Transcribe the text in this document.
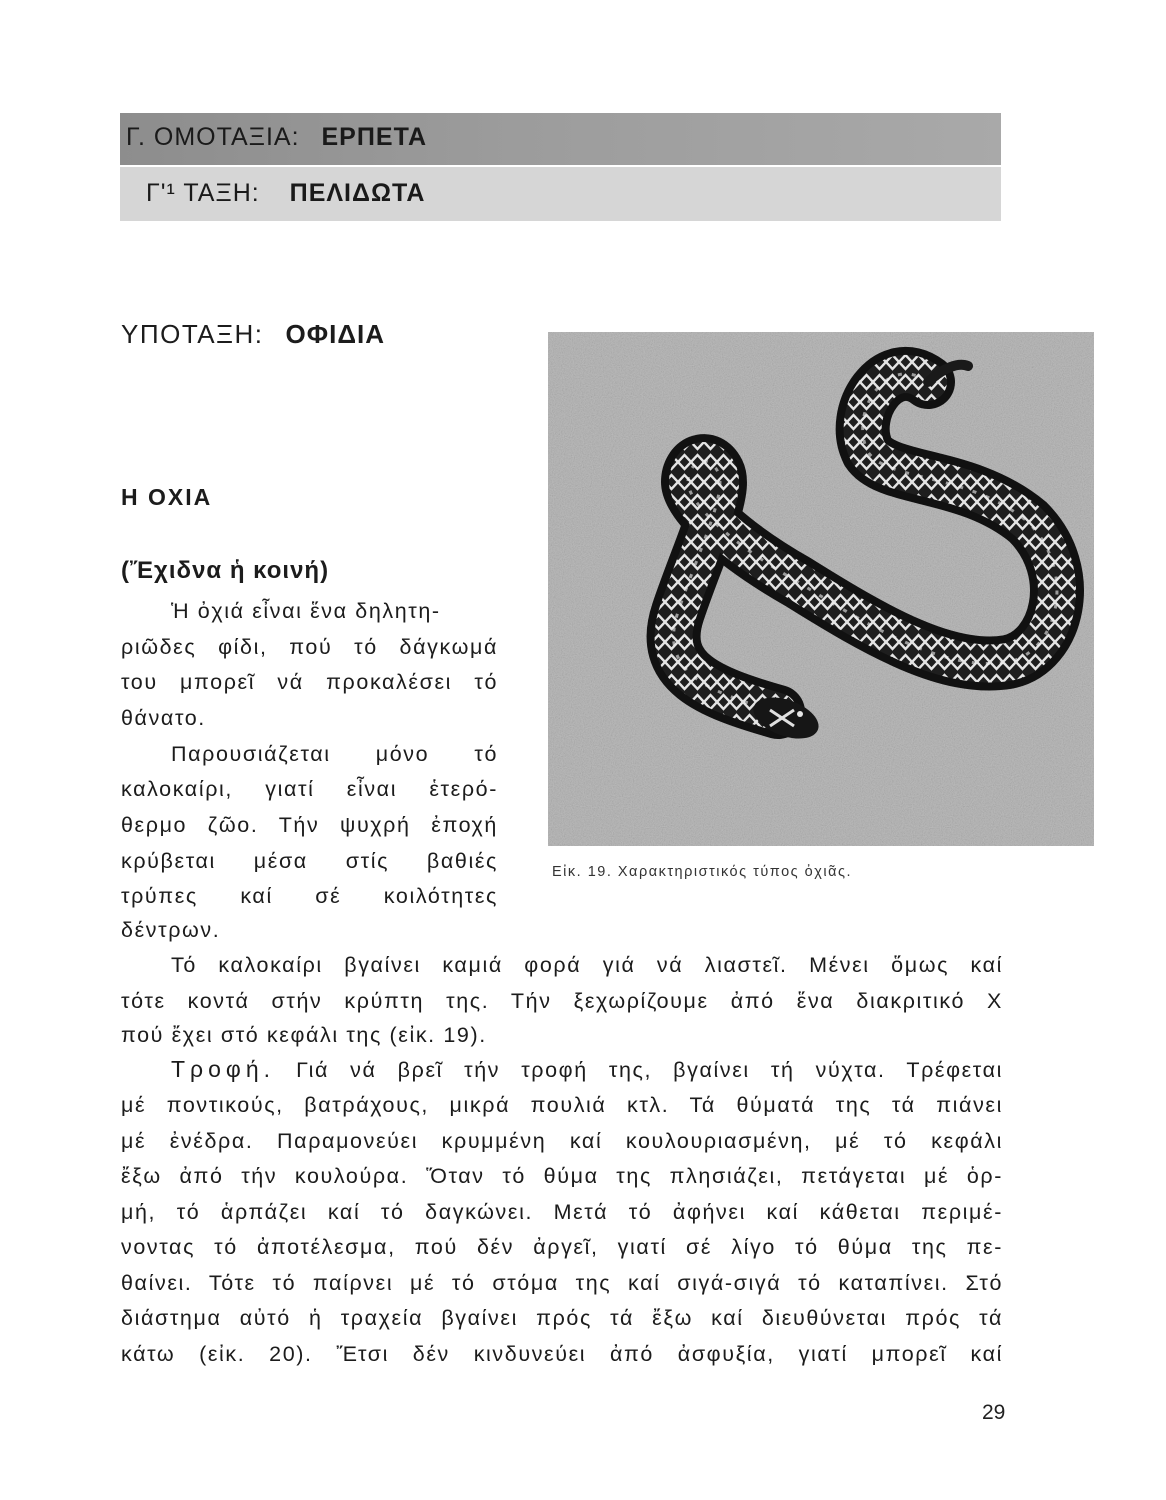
Γ. ΟΜΟΤΑΞΙΑ: ΕΡΠΕΤΑ
Γ'¹ ΤΑΞΗ: ΠΕΛΙΔΩΤΑ
ΥΠΟΤΑΞΗ: ΟΦΙΔΙΑ
Η ΟΧΙΑ
(Ἔχιδνα ἡ κοινή)
Εἰκ. 19. Χαρακτηριστικός τύπος ὀχιᾶς.
Ἡ ὀχιά εἶναι ἕνα δηλητη-
ριῶδες φίδι, πού τό δάγκωμά
του μπορεῖ νά προκαλέσει τό
θάνατο.
Παρουσιάζεται μόνο τό
καλοκαίρι, γιατί εἶναι ἑτερό-
θερμο ζῶο. Τήν ψυχρή ἐποχή
κρύβεται μέσα στίς βαθιές
τρύπες καί σέ κοιλότητες
δέντρων.
Τό καλοκαίρι βγαίνει καμιά φορά γιά νά λιαστεῖ. Μένει ὅμως καί
τότε κοντά στήν κρύπτη της. Τήν ξεχωρίζουμε ἀπό ἕνα διακριτικό Χ
πού ἔχει στό κεφάλι της (εἰκ. 19).
Τροφή. Γιά νά βρεῖ τήν τροφή της, βγαίνει τή νύχτα. Τρέφεται
μέ ποντικούς, βατράχους, μικρά πουλιά κτλ. Τά θύματά της τά πιάνει
μέ ἐνέδρα. Παραμονεύει κρυμμένη καί κουλουριασμένη, μέ τό κεφάλι
ἔξω ἀπό τήν κουλούρα. Ὅταν τό θύμα της πλησιάζει, πετάγεται μέ ὁρ-
μή, τό ἁρπάζει καί τό δαγκώνει. Μετά τό ἀφήνει καί κάθεται περιμέ-
νοντας τό ἀποτέλεσμα, πού δέν ἀργεῖ, γιατί σέ λίγο τό θύμα της πε-
θαίνει. Τότε τό παίρνει μέ τό στόμα της καί σιγά-σιγά τό καταπίνει. Στό
διάστημα αὐτό ἡ τραχεία βγαίνει πρός τά ἔξω καί διευθύνεται πρός τά
κάτω (εἰκ. 20). Ἔτσι δέν κινδυνεύει ἀπό ἀσφυξία, γιατί μπορεῖ καί
29
